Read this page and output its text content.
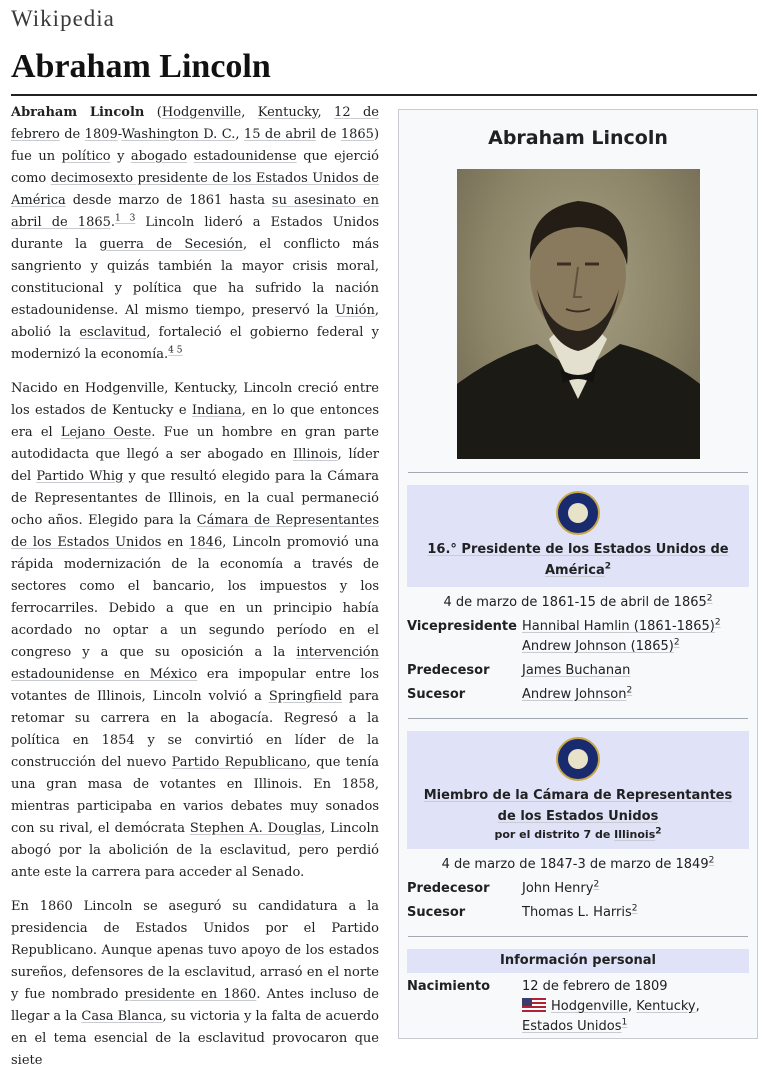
Wikipedia
Abraham Lincoln

Abraham Lincoln (Hodgenville, Kentucky, 12 de febrero de 1809-Washington D. C., 15 de abril de 1865) fue un político y abogado estadounidense que ejerció como decimosexto presidente de los Estados Unidos de América desde marzo de 1861 hasta su asesinato en abril de 1865.$^{1 3}$ Lincoln lideró a Estados Unidos durante la guerra de Secesión, el conflicto más sangriento y quizás también la mayor crisis moral, constitucional y política que ha sufrido la nación estadounidense. Al mismo tiempo, preservó la Unión, abolió la esclavitud, fortaleció el gobierno federal y modernizó la economía.$^{4 5}$

Nacido en Hodgenville, Kentucky, Lincoln creció entre los estados de Kentucky e Indiana, en lo que entonces era el Lejano Oeste. Fue un hombre en gran parte autodidacta que llegó a ser abogado en Illinois, líder del Partido Whig y que resultó elegido para la Cámara de Representantes de Illinois, en la cual permaneció ocho años. Elegido para la Cámara de Representantes de los Estados Unidos en 1846, Lincoln promovió una rápida modernización de la economía a través de sectores como el bancario, los impuestos y los ferrocarriles. Debido a que en un principio había acordado no optar a un segundo período en el congreso y a que su oposición a la intervención estadounidense en México era impopular entre los votantes de Illinois, Lincoln volvió a Springfield para retomar su carrera en la abogacía. Regresó a la política en 1854 y se convirtió en líder de la construcción del nuevo Partido Republicano, que tenía una gran masa de votantes en Illinois. En 1858, mientras participaba en varios debates muy sonados con su rival, el demócrata Stephen A. Douglas, Lincoln abogó por la abolición de la esclavitud, pero perdió ante este la carrera para acceder al Senado.

En 1860 Lincoln se aseguró su candidatura a la presidencia de Estados Unidos por el Partido Republicano. Aunque apenas tuvo apoyo de los estados sureños, defensores de la esclavitud, arrasó en el norte y fue nombrado presidente en 1860. Antes incluso de llegar a la Casa Blanca, su victoria y la falta de acuerdo en el tema esencial de la esclavitud provocaron que siete

Abraham Lincoln
16.° Presidente de los Estados Unidos de América$^2$
4 de marzo de 1861-15 de abril de 1865$^2$
Vicepresidente Hannibal Hamlin (1861-1865)$^2$
Andrew Johnson $(1865)^2$
Predecesor	James Buchanan
Sucesor	Andrew Johnson$^2$
Miembro de la Cámara de Representantes de los Estados Unidos
por el distrito 7 de Illinois$^2$
4 de marzo de 1847-3 de marzo de 1849$^2$
Predecesor	John Henry$^2$
Sucesor	Thomas L. Harris$^2$
Información personal
Nacimiento	12 de febrero de 1809
Hodgenville, Kentucky,
Estados Unidos$^1$
